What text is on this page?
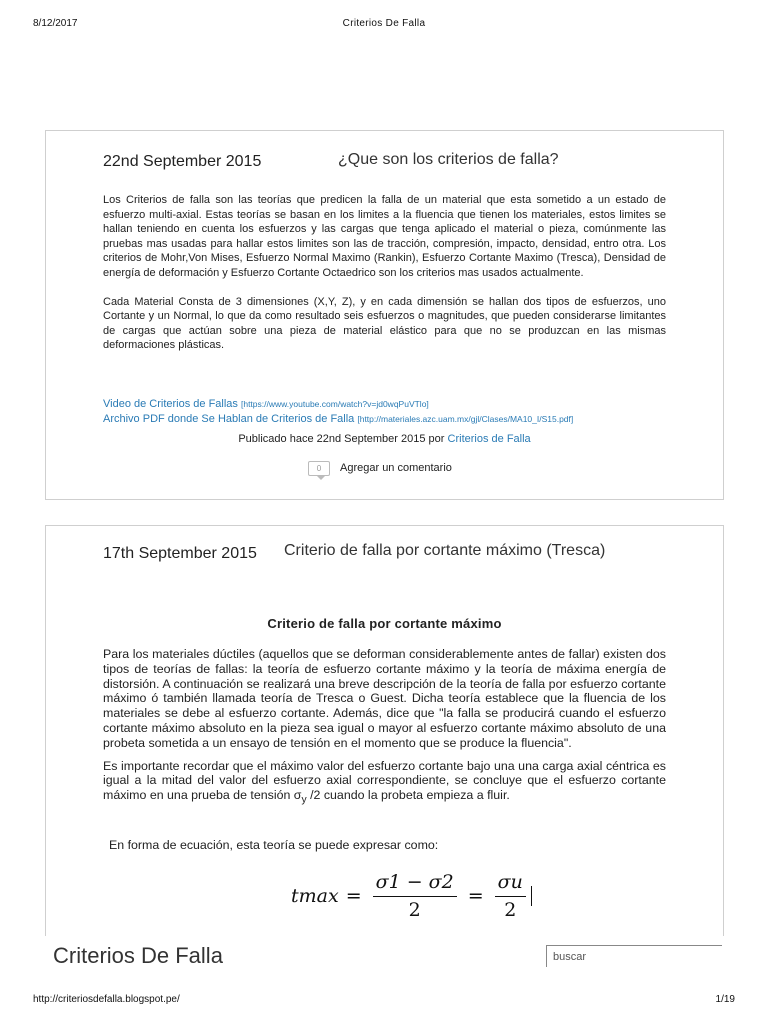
8/12/2017	Criterios De Falla
22nd September 2015	¿Que son los criterios de falla?

Los Criterios de falla son las teorías que predicen la falla de un material que esta sometido a un estado de esfuerzo multi-axial. Estas teorías se basan en los limites a la fluencia que tienen los materiales, estos limites se hallan teniendo en cuenta los esfuerzos y las cargas que tenga aplicado el material o pieza, comúnmente las pruebas mas usadas para hallar estos limites son las de tracción, compresión, impacto, densidad, entro otra. Los criterios de Mohr,Von Mises, Esfuerzo Normal Maximo (Rankin), Esfuerzo Cortante Maximo (Tresca), Densidad de energía de deformación y Esfuerzo Cortante Octaedrico son los criterios mas usados actualmente.

Cada Material Consta de 3 dimensiones (X,Y, Z), y en cada dimensión se hallan dos tipos de esfuerzos, uno Cortante y un Normal, lo que da como resultado seis esfuerzos o magnitudes, que pueden considerarse limitantes de cargas que actúan sobre una pieza de material elástico para que no se produzcan en las mismas deformaciones plásticas.

Video de Criterios de Fallas [https://www.youtube.com/watch?v=jd0wqPuVTlo]
Archivo PDF donde Se Hablan de Criterios de Falla [http://materiales.azc.uam.mx/gjl/Clases/MA10_I/S15.pdf]
Publicado hace 22nd September 2015 por Criterios de Falla
0	Agregar un comentario
17th September 2015 Criterio de falla por cortante máximo (Tresca)
Criterio de falla por cortante máximo

Para los materiales dúctiles (aquellos que se deforman considerablemente antes de fallar) existen dos tipos de teorías de fallas: la teoría de esfuerzo cortante máximo y la teoría de máxima energía de distorsión. A continuación se realizará una breve descripción de la teoría de falla por esfuerzo cortante máximo ó también llamada teoría de Tresca o Guest. Dicha teoría establece que la fluencia de los materiales se debe al esfuerzo cortante. Además, dice que "la falla se producirá cuando el esfuerzo cortante máximo absoluto en la pieza sea igual o mayor al esfuerzo cortante máximo absoluto de una probeta sometida a un ensayo de tensión en el momento que se produce la fluencia".

Es importante recordar que el máximo valor del esfuerzo cortante bajo una una carga axial céntrica es igual a la mitad del valor del esfuerzo axial correspondiente, se concluye que el esfuerzo cortante máximo en una prueba de tensión $\sigma_y$ /2 cuando la probeta empieza a fluir.

En forma de ecuación, esta teoría se puede expresar como:
$tmax = \frac{\sigma 1 - \sigma 2}{2} = \frac{\sigma u}{2}$
Criterios De Falla
buscar
http://criteriosdefalla.blogspot.pe/	1/19
